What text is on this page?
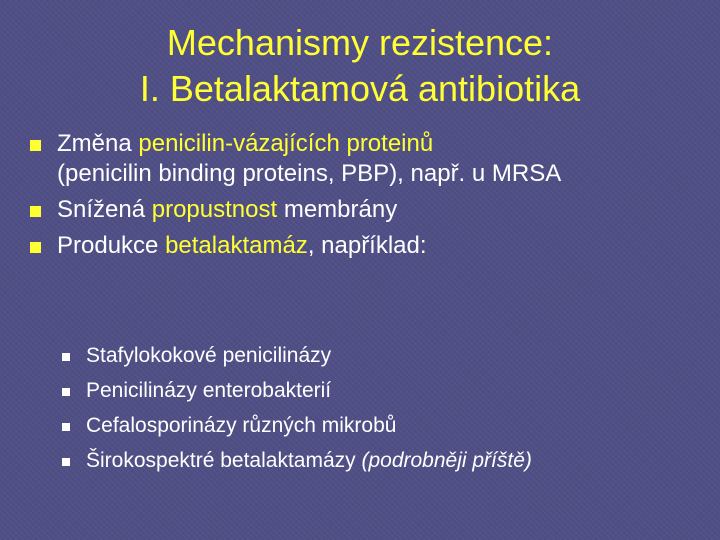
Mechanismy rezistence:
I. Betalaktamová antibiotika
Změna penicilin-vázajících proteinů
(penicilin binding proteins, PBP), např. u MRSA
Snížená propustnost membrány
Produkce betalaktamáz, například:
Stafylokokové penicilinázy
Penicilinázy enterobakterií
Cefalosporinázy různých mikrobů
Širokospektré betalaktamázy (podrobněji příště)
